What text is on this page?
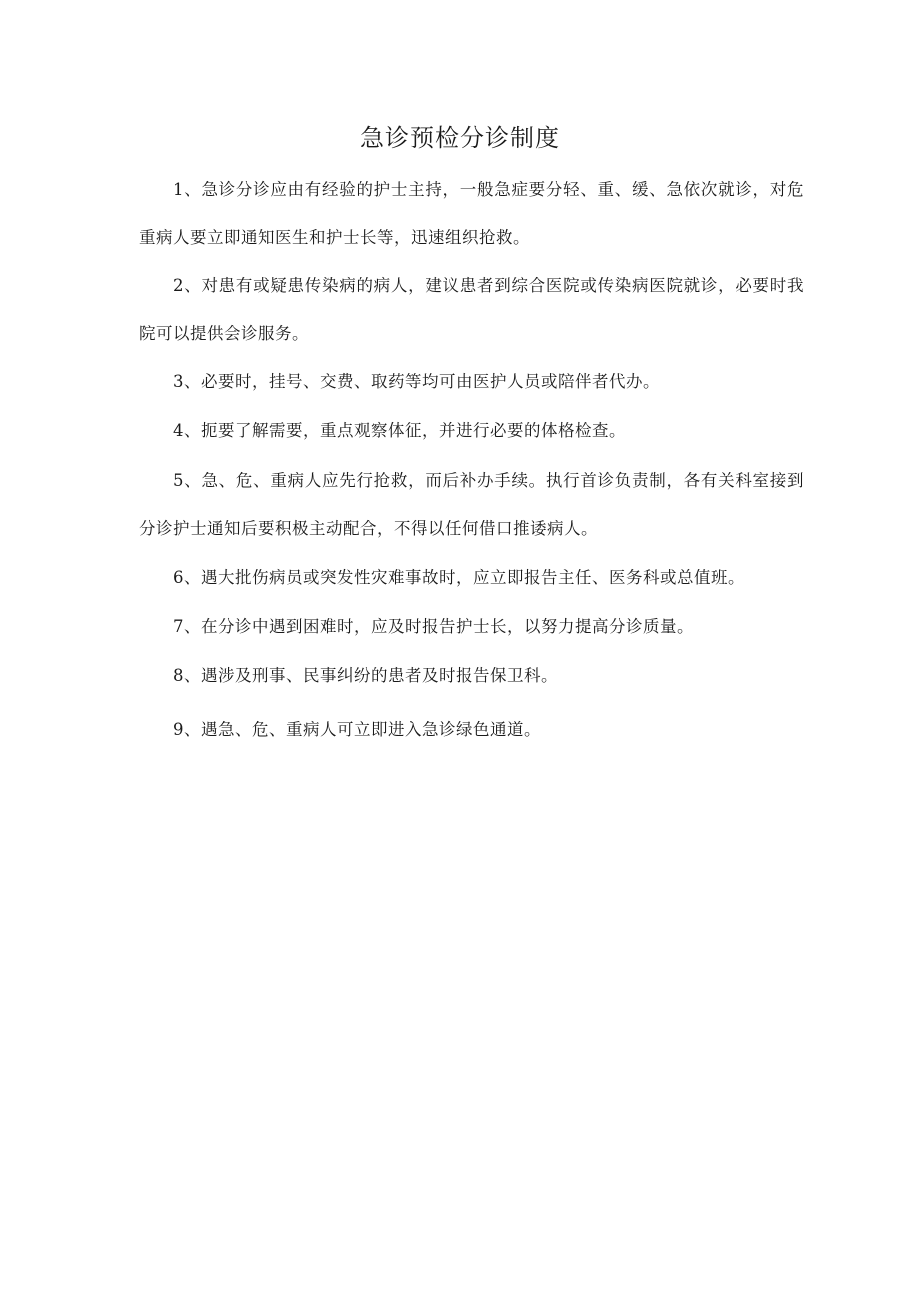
急诊预检分诊制度
1、急诊分诊应由有经验的护士主持，一般急症要分轻、重、缓、急依次就诊，对危重病人要立即通知医生和护士长等，迅速组织抢救。
2、对患有或疑患传染病的病人，建议患者到综合医院或传染病医院就诊，必要时我院可以提供会诊服务。
3、必要时，挂号、交费、取药等均可由医护人员或陪伴者代办。
4、扼要了解需要，重点观察体征，并进行必要的体格检查。
5、急、危、重病人应先行抢救，而后补办手续。执行首诊负责制，各有关科室接到分诊护士通知后要积极主动配合，不得以任何借口推诿病人。
6、遇大批伤病员或突发性灾难事故时，应立即报告主任、医务科或总值班。
7、在分诊中遇到困难时，应及时报告护士长，以努力提高分诊质量。
8、遇涉及刑事、民事纠纷的患者及时报告保卫科。
9、遇急、危、重病人可立即进入急诊绿色通道。
